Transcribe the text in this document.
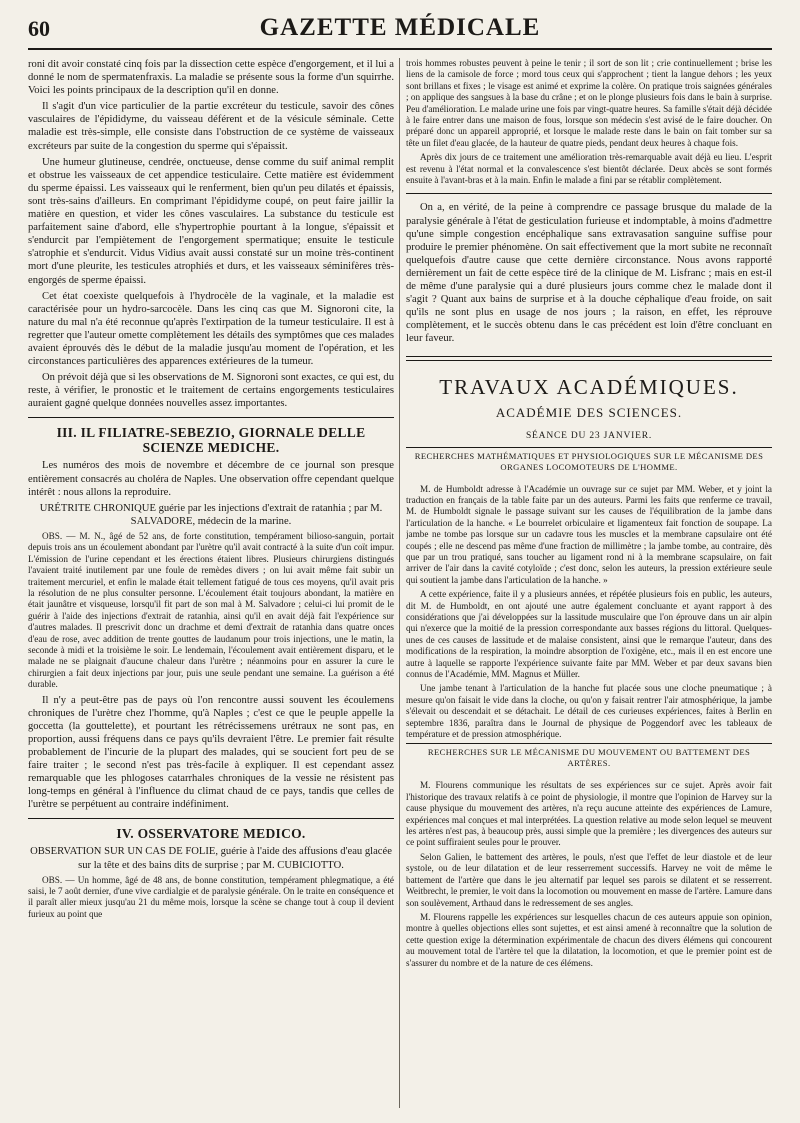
60	GAZETTE MÉDICALE

roni dit avoir constaté cinq fois par la dissection cette espèce d'engorgement, et il lui a donné le nom de spermatenfraxis. La maladie se présente sous la forme d'un squirrhe. Voici les points principaux de la description qu'il en donne.

Il s'agit d'un vice particulier de la partie excréteur du testicule, savoir des cônes vasculaires de l'épididyme, du vaisseau déférent et de la vésicule séminale. Cette maladie est très-simple, elle consiste dans l'obstruction de ce système de vaisseaux excréteurs par suite de la congestion du sperme qui s'épaissit.

Une humeur glutineuse, cendrée, onctueuse, dense comme du suif animal remplit et obstrue les vaisseaux de cet appendice testiculaire. Cette matière est évidemment du sperme épaissi. Les vaisseaux qui le renferment, bien qu'un peu dilatés et épaissis, sont très-sains d'ailleurs. En comprimant l'épididyme coupé, on peut faire jaillir la matière en question, et vider les cônes vasculaires. La substance du testicule est parfaitement saine d'abord, elle s'hypertrophie pourtant à la longue, s'épaissit et s'endurcit par l'empiètement de l'engorgement spermatique; ensuite le testicule s'atrophie et s'endurcit. Vidus Vidius avait aussi constaté sur un moine très-continent mort d'une pleurite, les testicules atrophiés et durs, et les vaisseaux séminifères très-engorgés de sperme épaissi.

Cet état coexiste quelquefois à l'hydrocèle de la vaginale, et la maladie est caractérisée pour un hydro-sarcocèle. Dans les cinq cas que M. Signoroni cite, la nature du mal n'a été reconnue qu'après l'extirpation de la tumeur testiculaire. Il est à regretter que l'auteur omette complètement les détails des symptômes que ces malades avaient éprouvés dès le début de la maladie jusqu'au moment de l'opération, et les circonstances particulières des apparences extérieures de la tumeur.

On prévoit déjà que si les observations de M. Signoroni sont exactes, ce qui est, du reste, à vérifier, le pronostic et le traitement de certains engorgements testiculaires auraient gagné quelque données nouvelles assez importantes.

III. IL FILIATRE-SEBEZIO, GIORNALE DELLE SCIENZE MEDICHE.

Les numéros des mois de novembre et décembre de ce journal son presque entièrement consacrés au choléra de Naples. Une observation offre cependant quelque intérêt : nous allons la reproduire.

URÉTRITE CHRONIQUE guérie par les injections d'extrait de ratanhia ; par M. SALVADORE, médecin de la marine.

OBS. — M. N., âgé de 52 ans, de forte constitution, tempérament bilioso-sanguin, portait depuis trois ans un écoulement abondant par l'urètre qu'il avait contracté à la suite d'un coït impur. L'émission de l'urine cependant et les érections étaient libres. Plusieurs chirurgiens distingués l'avaient traité inutilement par une foule de remèdes divers ; on lui avait même fait subir un traitement mercuriel, et enfin le malade était tellement fatigué de tous ces moyens, qu'il avait pris la résolution de ne plus consulter personne. L'écoulement était toujours abondant, la matière en était jaunâtre et visqueuse, lorsqu'il fit part de son mal à M. Salvadore ; celui-ci lui promit de le guérir à l'aide des injections d'extrait de ratanhia, ainsi qu'il en avait déjà fait l'expérience sur d'autres malades. Il prescrivit donc un drachme et demi d'extrait de ratanhia dans quatre onces d'eau de rose, avec addition de trente gouttes de laudanum pour trois injections, une le matin, la seconde à midi et la troisième le soir. Le lendemain, l'écoulement avait entièrement disparu, et le malade ne se plaignait d'aucune chaleur dans l'urètre ; néanmoins pour en assurer la cure le chirurgien a fait deux injections par jour, puis une seule pendant une semaine. La guérison a été durable.

Il n'y a peut-être pas de pays où l'on rencontre aussi souvent les écoulemens chroniques de l'urètre chez l'homme, qu'à Naples ; c'est ce que le peuple appelle la goccetta (la gouttelette), et pourtant les rétrécissemens urétraux ne sont pas, en proportion, aussi fréquens dans ce pays qu'ils devraient l'être. Le premier fait résulte probablement de l'incurie de la plupart des malades, qui se soucient fort peu de se faire traiter ; le second n'est pas très-facile à expliquer. Il est cependant assez remarquable que les phlogoses catarrhales chroniques de la vessie ne résistent pas long-temps en général à l'influence du climat chaud de ce pays, tandis que celles de l'urètre se perpétuent au contraire indéfiniment.

IV. OSSERVATORE MEDICO.

OBSERVATION SUR UN CAS DE FOLIE, guérie à l'aide des affusions d'eau glacée sur la tête et des bains dits de surprise ; par M. CUBICIOTTO.

OBS. — Un homme, âgé de 48 ans, de bonne constitution, tempérament phlegmatique, a été saisi, le 7 août dernier, d'une vive cardialgie et de paralysie générale. On le traite en conséquence et il paraît aller mieux jusqu'au 21 du même mois, lorsque la scène se change tout à coup il devient furieux au point que

trois hommes robustes peuvent à peine le tenir ; il sort de son lit ; crie continuellement ; brise les liens de la camisole de force ; mord tous ceux qui s'approchent ; tient la langue dehors ; les yeux sont brillans et fixes ; le visage est animé et exprime la colère. On pratique trois saignées générales ; on applique des sangsues à la base du crâne ; et on le plonge plusieurs fois dans le bain à surprise. Peu d'amélioration. Le malade urine une fois par vingt-quatre heures. Sa famille s'était déjà décidée à le faire entrer dans une maison de fous, lorsque son médecin s'est avisé de le faire doucher. On préparé donc un appareil approprié, et lorsque le malade reste dans le bain on fait tomber sur sa tête un filet d'eau glacée, de la hauteur de quatre pieds, pendant deux heures à chaque fois.

Après dix jours de ce traitement une amélioration très-remarquable avait déjà eu lieu. L'esprit est revenu à l'état normal et la convalescence s'est bientôt déclarée. Deux abcès se sont formés ensuite à l'avant-bras et à la main. Enfin le malade a fini par se rétablir complètement.

On a, en vérité, de la peine à comprendre ce passage brusque du malade de la paralysie générale à l'état de gesticulation furieuse et indomptable, à moins d'admettre qu'une simple congestion encéphalique sans extravasation sanguine suffise pour produire le premier phénomène. On sait effectivement que la mort subite ne reconnaît quelquefois d'autre cause que cette dernière circonstance. Nous avons rapporté dernièrement un fait de cette espèce tiré de la clinique de M. Lisfranc ; mais en est-il de même d'une paralysie qui a duré plusieurs jours comme chez le malade dont il s'agit ? Quant aux bains de surprise et à la douche céphalique d'eau froide, on sait qu'ils ne sont plus en usage de nos jours ; la raison, en effet, les réprouve complètement, et le succès obtenu dans le cas précédent est loin d'être concluant en leur faveur.

TRAVAUX ACADÉMIQUES.
ACADÉMIE DES SCIENCES.
SÉANCE DU 23 JANVIER.
RECHERCHES MATHÉMATIQUES ET PHYSIOLOGIQUES SUR LE MÉCANISME DES ORGANES LOCOMOTEURS DE L'HOMME.

M. de Humboldt adresse à l'Académie un ouvrage sur ce sujet par MM. Weber, et y joint la traduction en français de la table faite par un des auteurs. Parmi les faits que renferme ce travail, M. de Humboldt signale le passage suivant sur les causes de l'équilibration de la jambe dans l'articulation de la hanche. « Le bourrelet orbiculaire et ligamenteux fait fonction de soupape. La jambe ne tombe pas lorsque sur un cadavre tous les muscles et la membrane capsulaire ont été coupés ; elle ne descend pas même d'une fraction de millimètre ; la jambe tombe, au contraire, dès que par un trou pratiqué, sans toucher au ligament rond ni à la membrane scapsulaire, on fait arriver de l'air dans la cavité cotyloïde ; c'est donc, selon les auteurs, la pression extérieure seule qui soutient la jambe dans l'articulation de la hanche. »

A cette expérience, faite il y a plusieurs années, et répétée plusieurs fois en public, les auteurs, dit M. de Humboldt, en ont ajouté une autre également concluante et ayant rapport à des considérations que j'ai développées sur la lassitude musculaire que l'on éprouve dans un air alpin qui n'exerce que la moitié de la pression correspondante aux basses régions du littoral. Quelques-unes de ces causes de lassitude et de malaise consistent, ainsi que le remarque l'auteur, dans des modifications de la respiration, la moindre absorption de l'oxigène, etc., mais il en est encore une autre à laquelle se rapporte l'expérience suivante faite par MM. Weber et par deux savans bien connus de l'Académie, MM. Magnus et Müller.

Une jambe tenant à l'articulation de la hanche fut placée sous une cloche pneumatique ; à mesure qu'on faisait le vide dans la cloche, ou qu'on y faisait rentrer l'air atmosphérique, la jambe s'élevait ou descendait et se détachait. Le détail de ces curieuses expériences, faites à Berlin en septembre 1836, paraîtra dans le Journal de physique de Poggendorf avec les tableaux de température et de pression atmosphérique.

RECHERCHES SUR LE MÉCANISME DU MOUVEMENT OU BATTEMENT DES ARTÈRES.

M. Flourens communique les résultats de ses expériences sur ce sujet. Après avoir fait l'historique des travaux relatifs à ce point de physiologie, il montre que l'opinion de Harvey sur la cause physique du mouvement des artères, n'a reçu aucune atteinte des expériences de Lamure, expériences mal conçues et mal interprétées. La question relative au mode selon lequel se meuvent les artères n'est pas, à beaucoup près, aussi simple que la première ; les divergences des auteurs sur ce point suffiraient seules pour le prouver.

Selon Galien, le battement des artères, le pouls, n'est que l'effet de leur diastole et de leur systole, ou de leur dilatation et de leur resserrement successifs. Harvey ne voit de même le battement de l'artère que dans le jeu alternatif par lequel ses parois se dilatent et se resserrent. Weitbrecht, le premier, le voit dans la locomotion ou mouvement en masse de l'artère. Lamure dans son soulèvement, Arthaud dans le redressement de ses angles.

M. Flourens rappelle les expériences sur lesquelles chacun de ces auteurs appuie son opinion, montre à quelles objections elles sont sujettes, et est ainsi amené à reconnaître que la solution de cette question exige la détermination expérimentale de chacun des divers élémens qui concourent au mouvement total de l'artère tel que la dilatation, la locomotion, et que le premier point est de s'assurer du nombre et de la nature de ces élémens.
